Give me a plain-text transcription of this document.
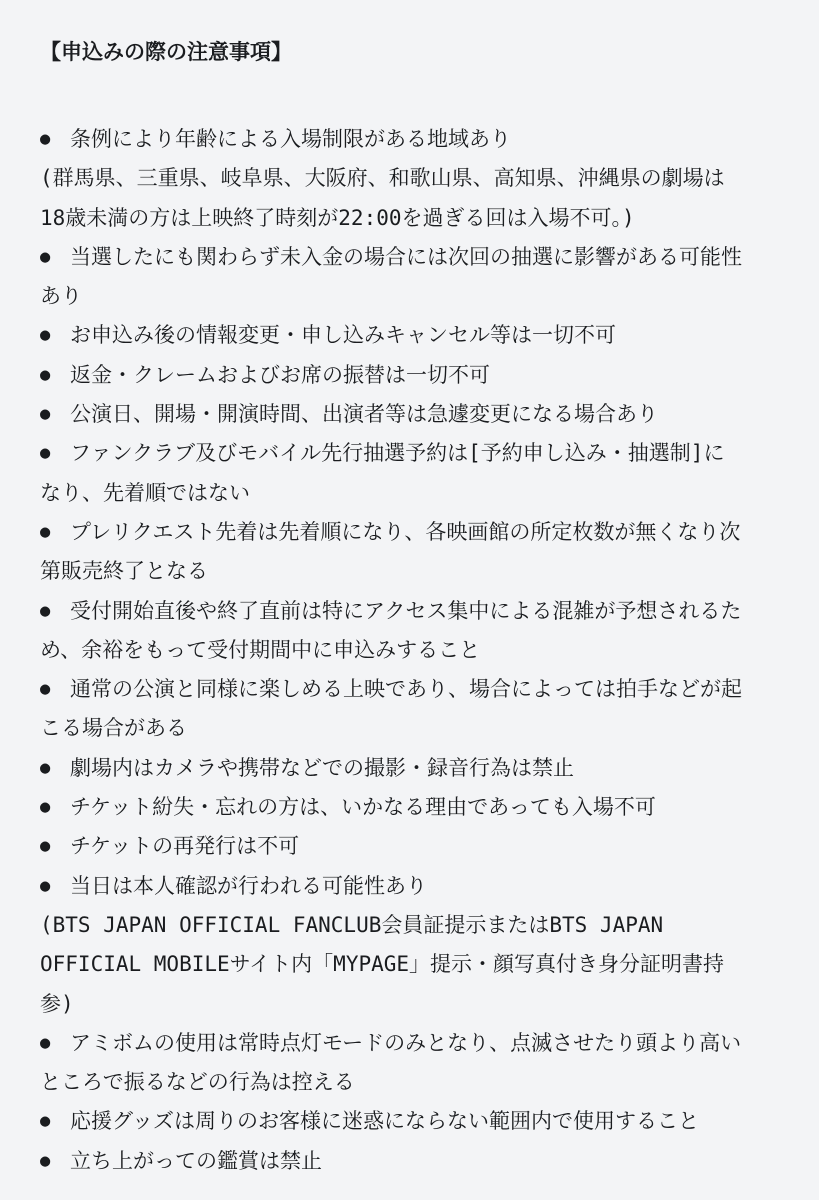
【申込みの際の注意事項】
● 条例により年齢による入場制限がある地域あり
(群馬県、三重県、岐阜県、大阪府、和歌山県、高知県、沖縄県の劇場は
18歳未満の方は上映終了時刻が22:00を過ぎる回は入場不可。)
● 当選したにも関わらず未入金の場合には次回の抽選に影響がある可能性
あり
● お申込み後の情報変更・申し込みキャンセル等は一切不可
● 返金・クレームおよびお席の振替は一切不可
● 公演日、開場・開演時間、出演者等は急遽変更になる場合あり
● ファンクラブ及びモバイル先行抽選予約は[予約申し込み・抽選制]に
なり、先着順ではない
● プレリクエスト先着は先着順になり、各映画館の所定枚数が無くなり次
第販売終了となる
● 受付開始直後や終了直前は特にアクセス集中による混雑が予想されるた
め、余裕をもって受付期間中に申込みすること
● 通常の公演と同様に楽しめる上映であり、場合によっては拍手などが起
こる場合がある
● 劇場内はカメラや携帯などでの撮影・録音行為は禁止
● チケット紛失・忘れの方は、いかなる理由であっても入場不可
● チケットの再発行は不可
● 当日は本人確認が行われる可能性あり
(BTS JAPAN OFFICIAL FANCLUB会員証提示またはBTS JAPAN
OFFICIAL MOBILEサイト内「MYPAGE」提示・顔写真付き身分証明書持
参)
● アミボムの使用は常時点灯モードのみとなり、点滅させたり頭より高い
ところで振るなどの行為は控える
● 応援グッズは周りのお客様に迷惑にならない範囲内で使用すること
● 立ち上がっての鑑賞は禁止
